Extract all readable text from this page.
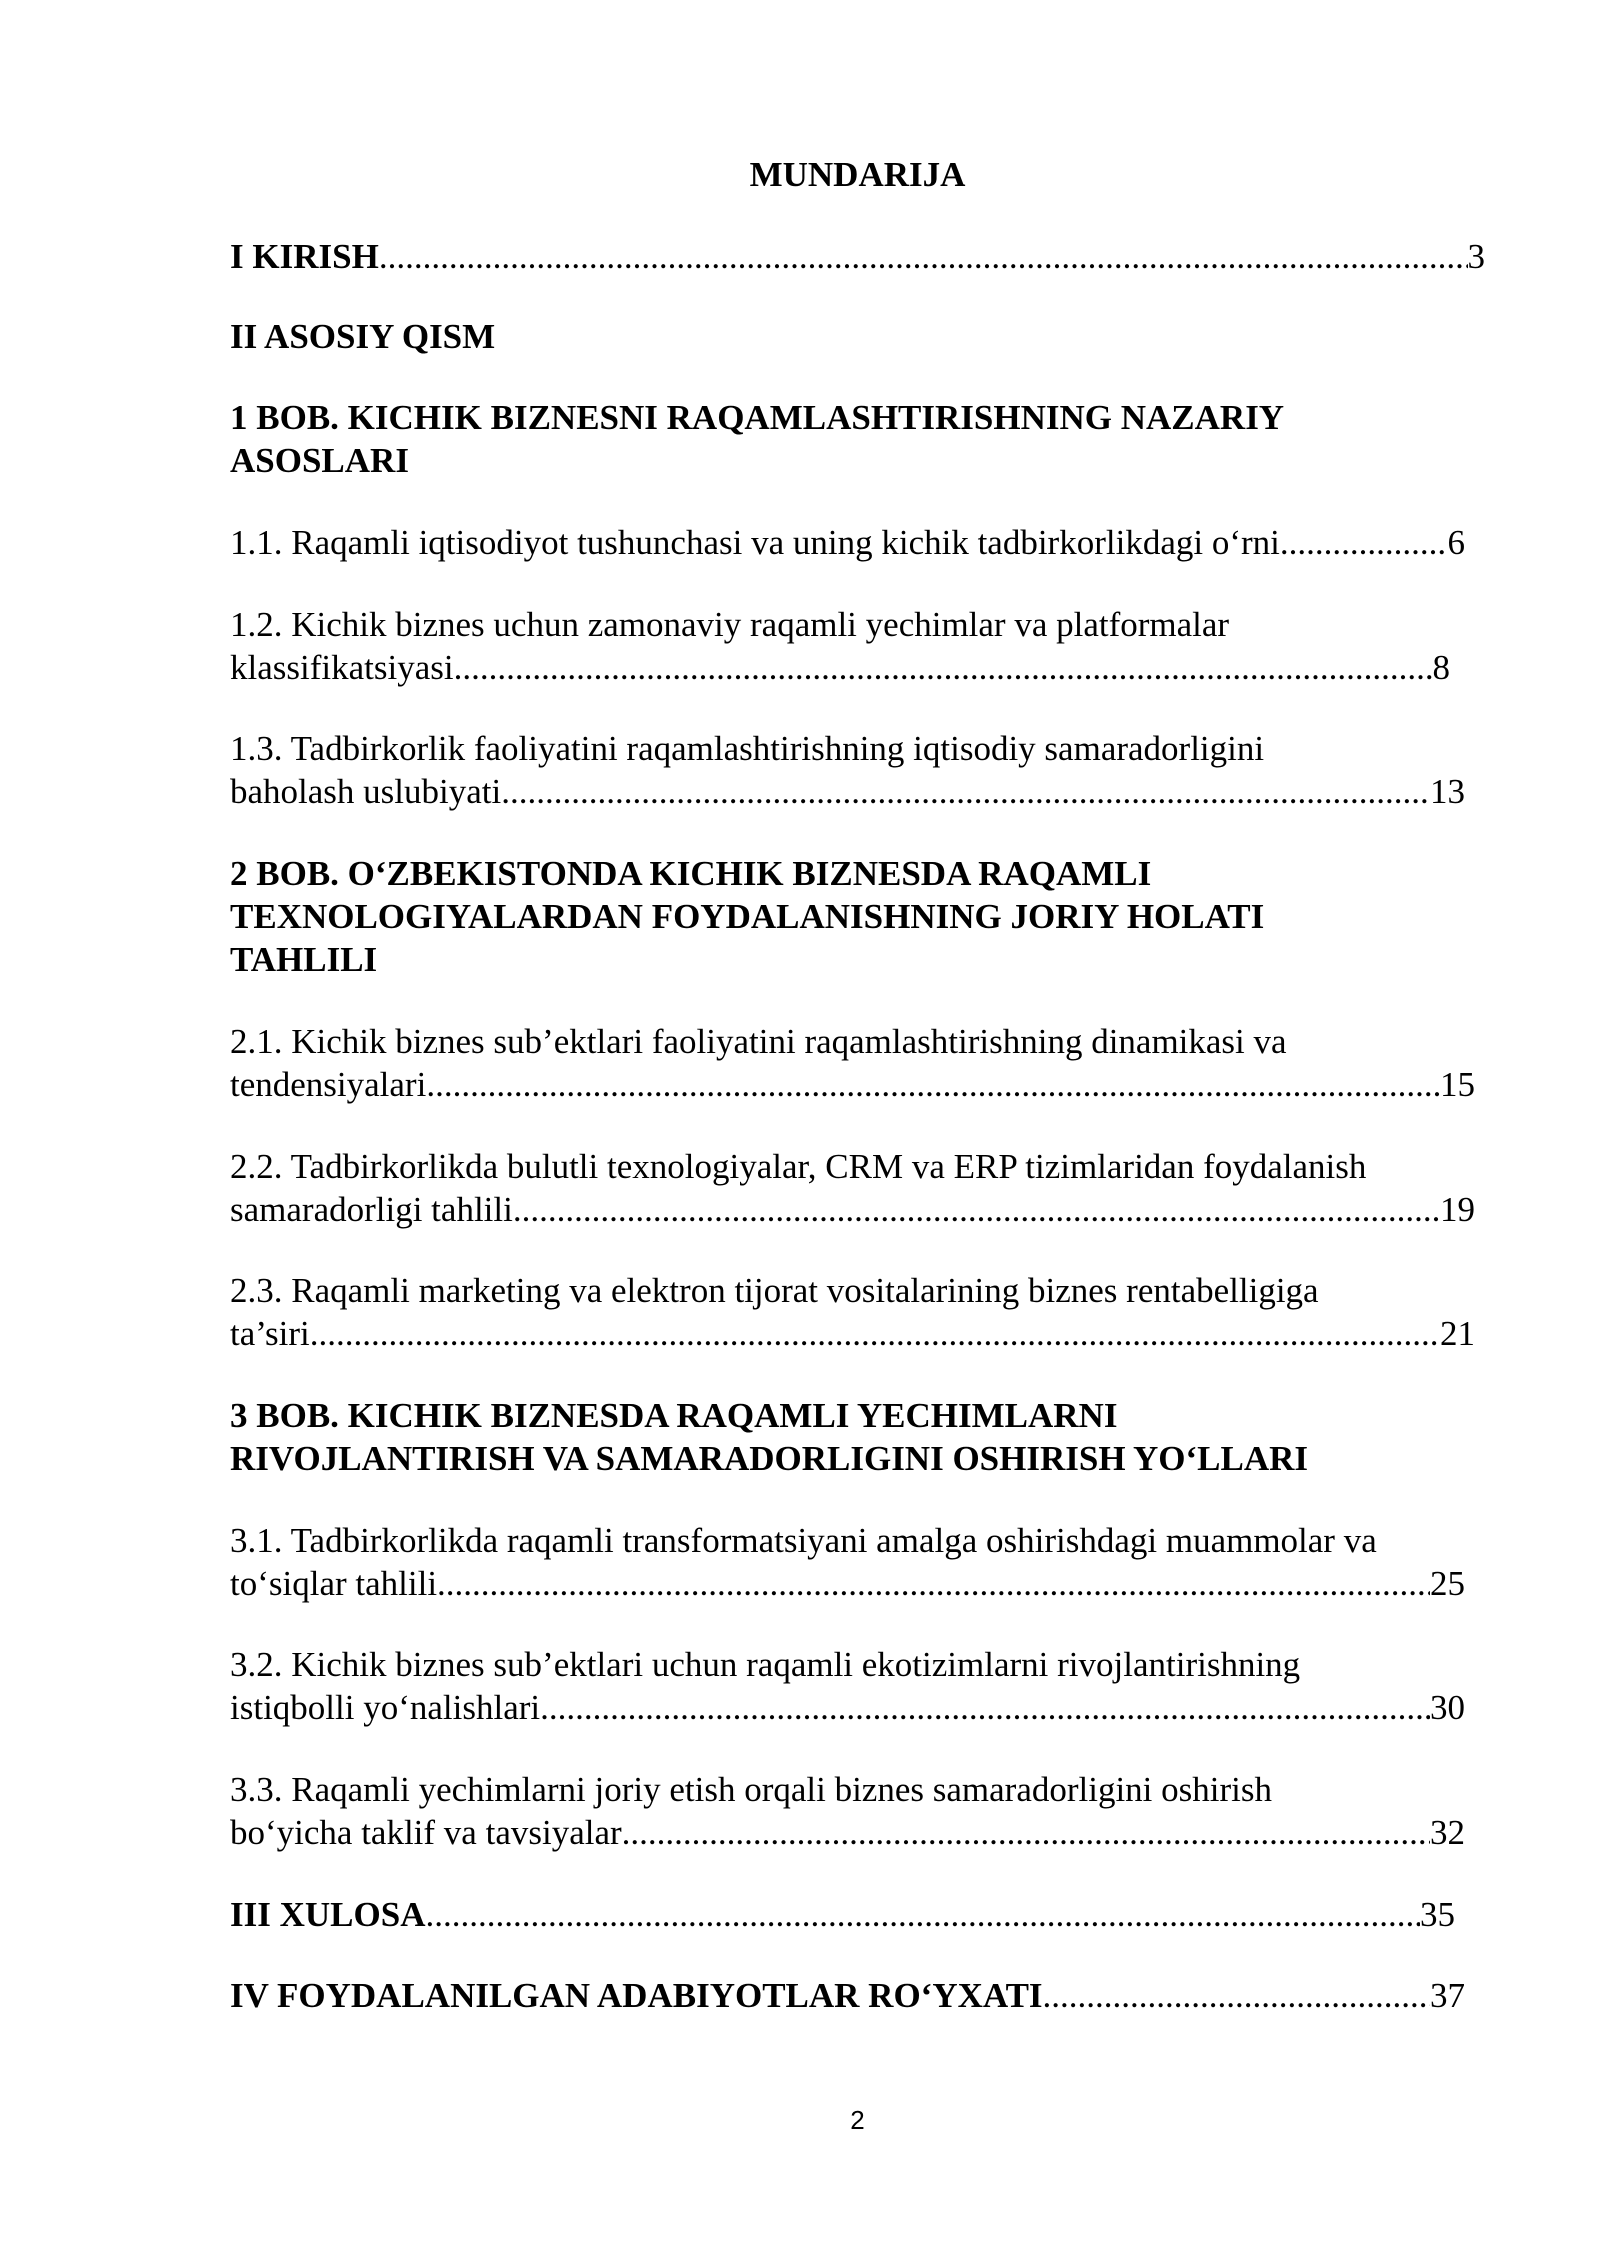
MUNDARIJA
I KIRISH .....	3
II ASOSIY QISM
1 BOB. KICHIK BIZNESNI RAQAMLASHTIRISHNING NAZARIY
ASOSLARI
1.1. Raqamli iqtisodiyot tushunchasi va uning kichik tadbirkorlikdagi o‘rni .....	6
1.2. Kichik biznes uchun zamonaviy raqamli yechimlar va platformalar
klassifikatsiyasi .....	8
1.3. Tadbirkorlik faoliyatini raqamlashtirishning iqtisodiy samaradorligini
baholash uslubiyati .....	13
2 BOB. O‘ZBEKISTONDA KICHIK BIZNESDA RAQAMLI
TEXNOLOGIYALARDAN FOYDALANISHNING JORIY HOLATI
TAHLILI
2.1. Kichik biznes sub’ektlari faoliyatini raqamlashtirishning dinamikasi va
tendensiyalari .....	15
2.2. Tadbirkorlikda bulutli texnologiyalar, CRM va ERP tizimlaridan foydalanish
samaradorligi tahlili .....	19
2.3. Raqamli marketing va elektron tijorat vositalarining biznes rentabelligiga
ta’siri .....	21
3 BOB. KICHIK BIZNESDA RAQAMLI YECHIMLARNI
RIVOJLANTIRISH VA SAMARADORLIGINI OSHIRISH YO‘LLARI
3.1. Tadbirkorlikda raqamli transformatsiyani amalga oshirishdagi muammolar va
to‘siqlar tahlili .....	25
3.2. Kichik biznes sub’ektlari uchun raqamli ekotizimlarni rivojlantirishning
istiqbolli yo‘nalishlari .....	30
3.3. Raqamli yechimlarni joriy etish orqali biznes samaradorligini oshirish
bo‘yicha taklif va tavsiyalar .....	32
III XULOSA .....	35
IV FOYDALANILGAN ADABIYOTLAR RO‘YXATI .....	37
2
